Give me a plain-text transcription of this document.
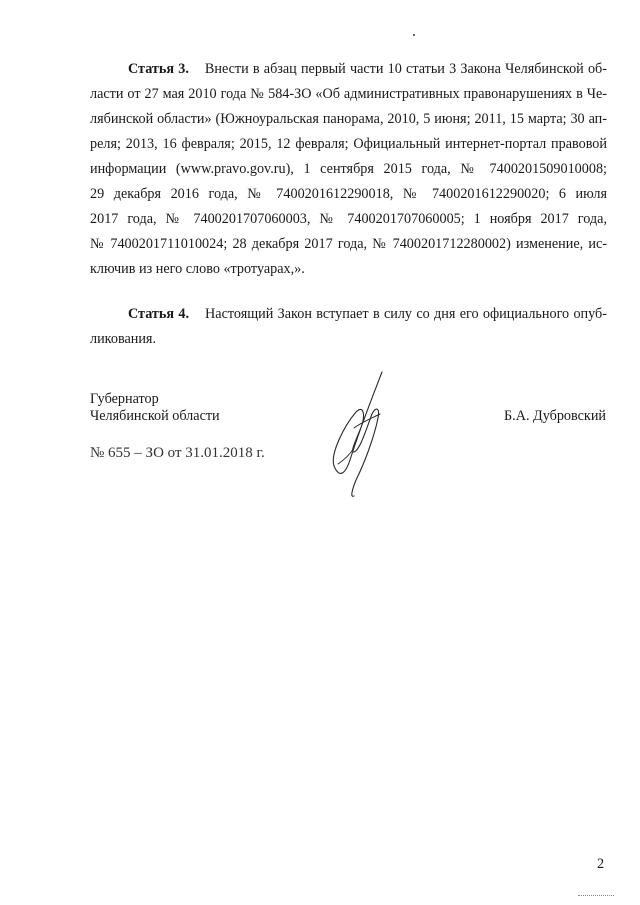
Статья 3. Внести в абзац первый части 10 статьи 3 Закона Челябинской об-
ласти от 27 мая 2010 года № 584-ЗО «Об административных правонарушениях в Че-
лябинской области» (Южноуральская панорама, 2010, 5 июня; 2011, 15 марта; 30 ап-
реля; 2013, 16 февраля; 2015, 12 февраля; Официальный интернет-портал правовой
информации (www.pravo.gov.ru), 1 сентября 2015 года, № 7400201509010008;
29 декабря 2016 года, № 7400201612290018, № 7400201612290020; 6 июля
2017 года, № 7400201707060003, № 7400201707060005; 1 ноября 2017 года,
№ 7400201711010024; 28 декабря 2017 года, № 7400201712280002) изменение, ис-
ключив из него слово «тротуарах,».
Статья 4. Настоящий Закон вступает в силу со дня его официального опуб-
ликования.
Губернатор
Челябинской области	Б.А. Дубровский
№ 655 – ЗО от 31.01.2018 г.
2
